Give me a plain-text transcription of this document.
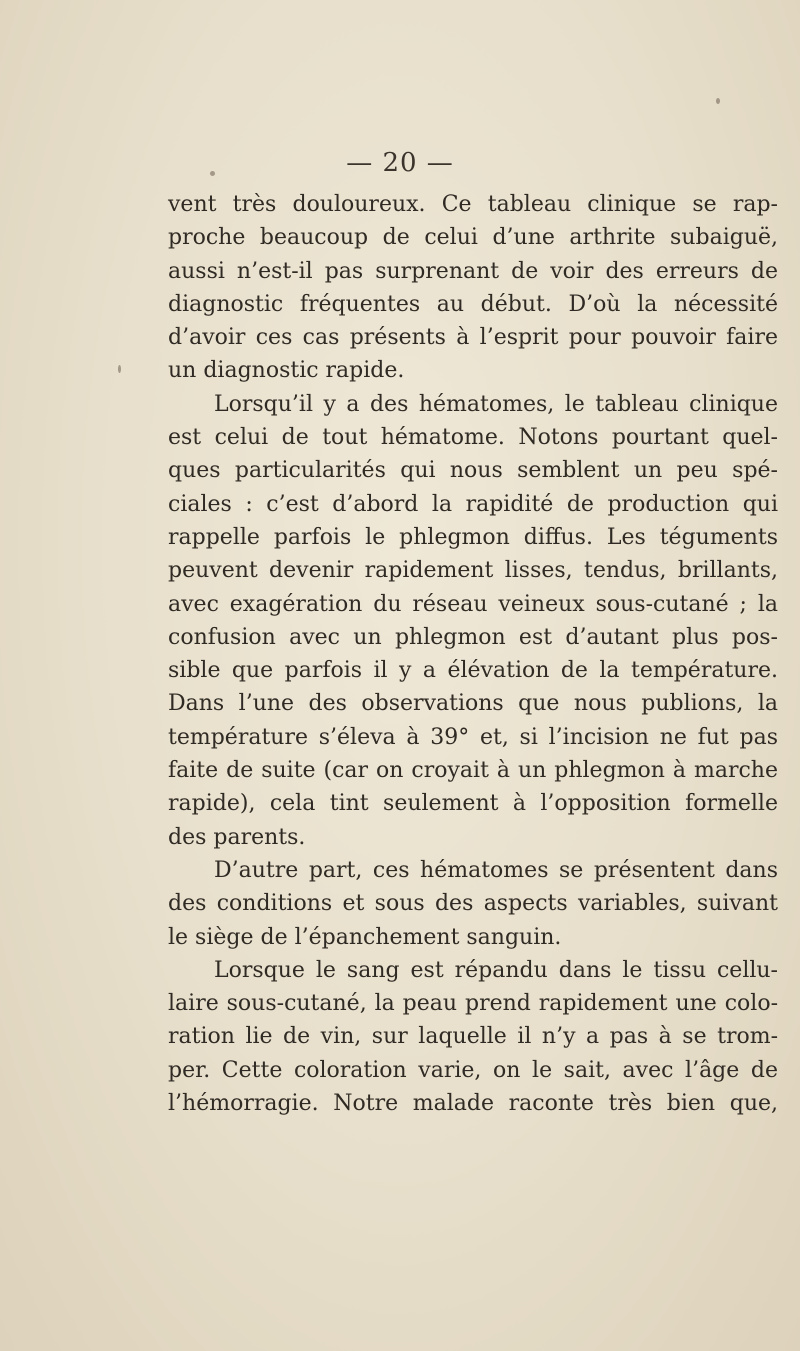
— 20 —
vent très douloureux. Ce tableau clinique se rap-
proche beaucoup de celui d’une arthrite subaiguë,
aussi n’est-il pas surprenant de voir des erreurs de
diagnostic fréquentes au début. D’où la nécessité
d’avoir ces cas présents à l’esprit pour pouvoir faire
un diagnostic rapide.
Lorsqu’il y a des hématomes, le tableau clinique
est celui de tout hématome. Notons pourtant quel-
ques particularités qui nous semblent un peu spé-
ciales : c’est d’abord la rapidité de production qui
rappelle parfois le phlegmon diffus. Les téguments
peuvent devenir rapidement lisses, tendus, brillants,
avec exagération du réseau veineux sous-cutané ; la
confusion avec un phlegmon est d’autant plus pos-
sible que parfois il y a élévation de la température.
Dans l’une des observations que nous publions, la
température s’éleva à 39° et, si l’incision ne fut pas
faite de suite (car on croyait à un phlegmon à marche
rapide), cela tint seulement à l’opposition formelle
des parents.
D’autre part, ces hématomes se présentent dans
des conditions et sous des aspects variables, suivant
le siège de l’épanchement sanguin.
Lorsque le sang est répandu dans le tissu cellu-
laire sous-cutané, la peau prend rapidement une colo-
ration lie de vin, sur laquelle il n’y a pas à se trom-
per. Cette coloration varie, on le sait, avec l’âge de
l’hémorragie. Notre malade raconte très bien que,
